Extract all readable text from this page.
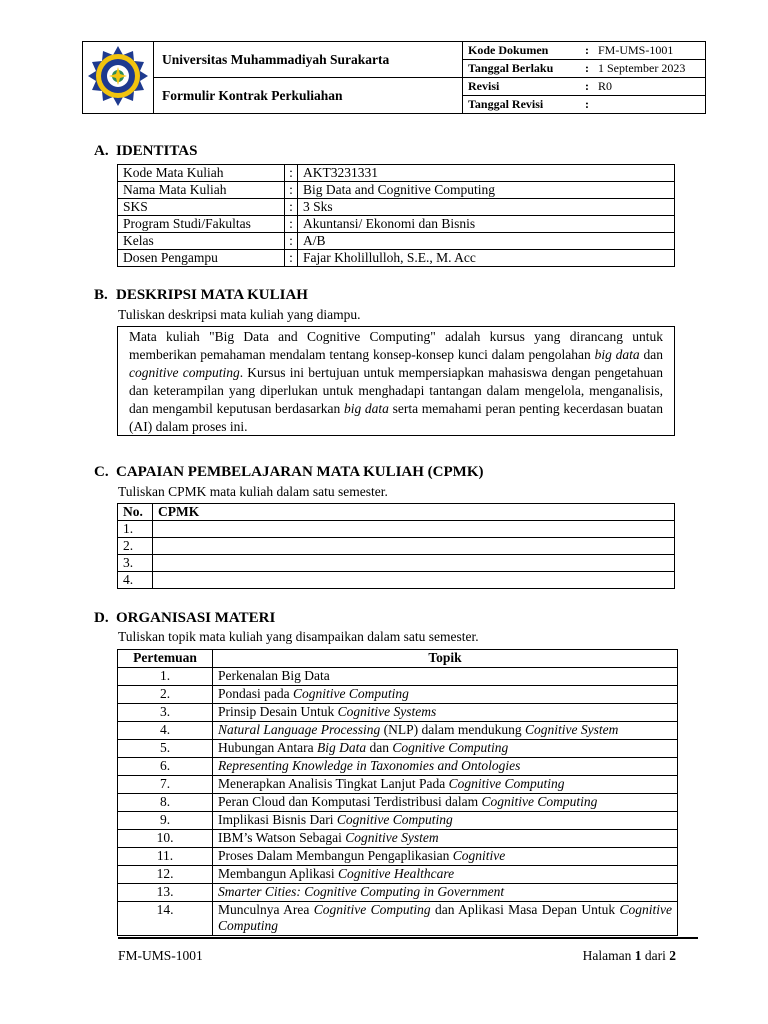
	Universitas Muhammadiyah Surakarta	Kode Dokumen	:	FM-UMS-1001
		Tanggal Berlaku	:	1 September 2023
	Formulir Kontrak Perkuliahan	Revisi	:	R0
		Tanggal Revisi	:	
A. IDENTITAS
Kode Mata Kuliah	:	AKT3231331
Nama Mata Kuliah	:	Big Data and Cognitive Computing
SKS	:	3 Sks
Program Studi/Fakultas	:	Akuntansi/ Ekonomi dan Bisnis
Kelas	:	A/B
Dosen Pengampu	:	Fajar Kholillulloh, S.E., M. Acc
B. DESKRIPSI MATA KULIAH
Tuliskan deskripsi mata kuliah yang diampu.
Mata kuliah "Big Data and Cognitive Computing" adalah kursus yang dirancang untuk memberikan pemahaman mendalam tentang konsep-konsep kunci dalam pengolahan big data dan cognitive computing. Kursus ini bertujuan untuk mempersiapkan mahasiswa dengan pengetahuan dan keterampilan yang diperlukan untuk menghadapi tantangan dalam mengelola, menganalisis, dan mengambil keputusan berdasarkan big data serta memahami peran penting kecerdasan buatan (AI) dalam proses ini.
C. CAPAIAN PEMBELAJARAN MATA KULIAH (CPMK)
Tuliskan CPMK mata kuliah dalam satu semester.
No.	CPMK
1.	
2.	
3.	
4.	
D. ORGANISASI MATERI
Tuliskan topik mata kuliah yang disampaikan dalam satu semester.
Pertemuan	Topik
1.	Perkenalan Big Data
2.	Pondasi pada Cognitive Computing
3.	Prinsip Desain Untuk Cognitive Systems
4.	Natural Language Processing (NLP) dalam mendukung Cognitive System
5.	Hubungan Antara Big Data dan Cognitive Computing
6.	Representing Knowledge in Taxonomies and Ontologies
7.	Menerapkan Analisis Tingkat Lanjut Pada Cognitive Computing
8.	Peran Cloud dan Komputasi Terdistribusi dalam Cognitive Computing
9.	Implikasi Bisnis Dari Cognitive Computing
10.	IBM’s Watson Sebagai Cognitive System
11.	Proses Dalam Membangun Pengaplikasian Cognitive
12.	Membangun Aplikasi Cognitive Healthcare
13.	Smarter Cities: Cognitive Computing in Government
14.	Munculnya Area Cognitive Computing dan Aplikasi Masa Depan Untuk Cognitive Computing
FM-UMS-1001	Halaman 1 dari 2
